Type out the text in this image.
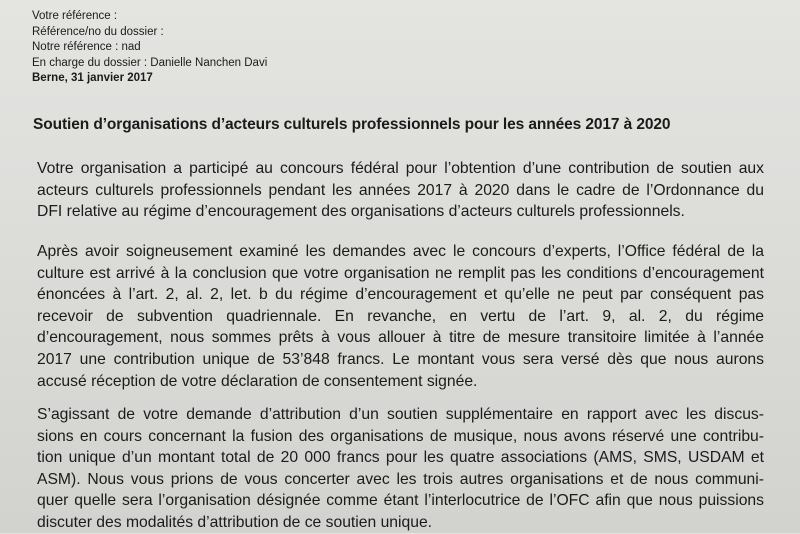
Votre référence :
Référence/no du dossier :
Notre référence : nad
En charge du dossier : Danielle Nanchen Davi
Berne, 31 janvier 2017
Soutien d’organisations d’acteurs culturels professionnels pour les années 2017 à 2020
Votre organisation a participé au concours fédéral pour l’obtention d’une contribution de soutien aux
acteurs culturels professionnels pendant les années 2017 à 2020 dans le cadre de l’Ordonnance du
DFI relative au régime d’encouragement des organisations d’acteurs culturels professionnels.
Après avoir soigneusement examiné les demandes avec le concours d’experts, l’Office fédéral de la
culture est arrivé à la conclusion que votre organisation ne remplit pas les conditions d’encouragement
énoncées à l’art. 2, al. 2, let. b du régime d’encouragement et qu’elle ne peut par conséquent pas
recevoir de subvention quadriennale. En revanche, en vertu de l’art. 9, al. 2, du régime
d’encouragement, nous sommes prêts à vous allouer à titre de mesure transitoire limitée à l’année
2017 une contribution unique de 53’848 francs. Le montant vous sera versé dès que nous aurons
accusé réception de votre déclaration de consentement signée.
S’agissant de votre demande d’attribution d’un soutien supplémentaire en rapport avec les discus-
sions en cours concernant la fusion des organisations de musique, nous avons réservé une contribu-
tion unique d’un montant total de 20 000 francs pour les quatre associations (AMS, SMS, USDAM et
ASM). Nous vous prions de vous concerter avec les trois autres organisations et de nous communi-
quer quelle sera l’organisation désignée comme étant l’interlocutrice de l’OFC afin que nous puissions
discuter des modalités d’attribution de ce soutien unique.
